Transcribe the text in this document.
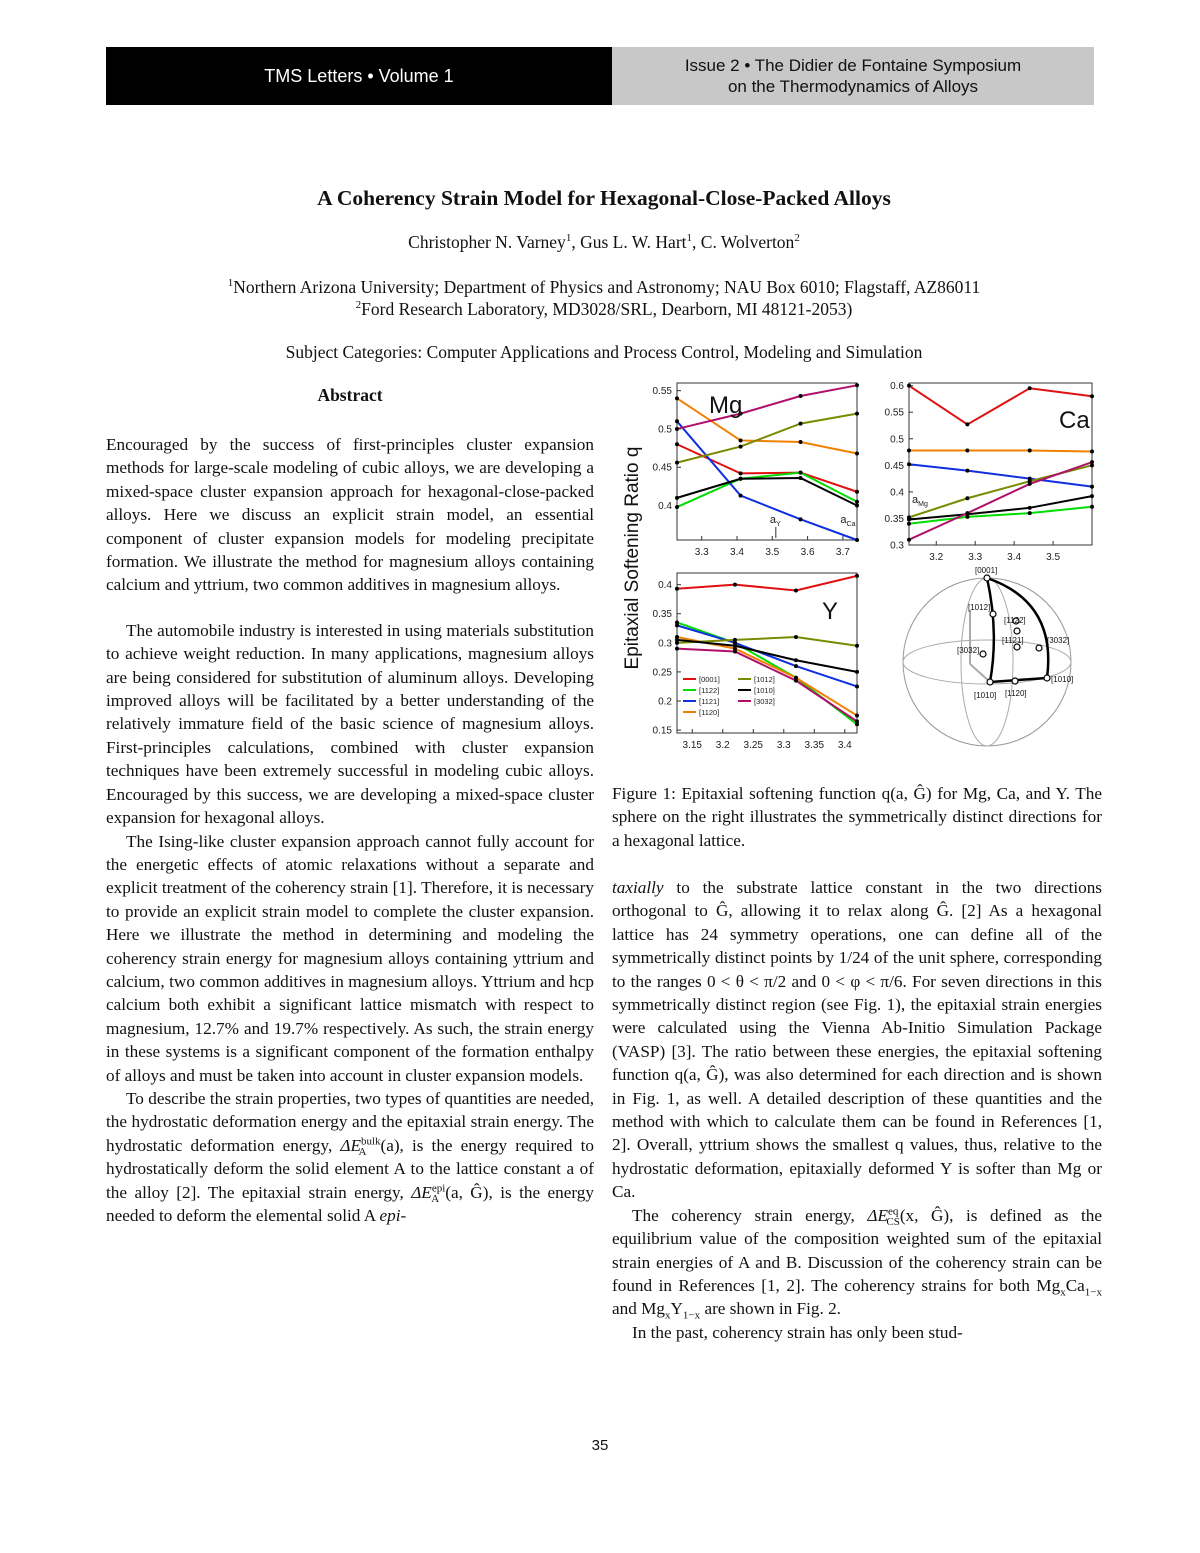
TMS Letters • Volume 1	Issue 2 • The Didier de Fontaine Symposium
on the Thermodynamics of Alloys
A Coherency Strain Model for Hexagonal-Close-Packed Alloys
Christopher N. Varney$^1$, Gus L. W. Hart$^1$, C. Wolverton$^2$
$^1$Northern Arizona University; Department of Physics and Astronomy; NAU Box 6010; Flagstaff, AZ86011
$^2$Ford Research Laboratory, MD3028/SRL, Dearborn, MI 48121-2053)
Subject Categories: Computer Applications and Process Control, Modeling and Simulation
Abstract

Encouraged by the success of first-principles cluster expansion methods for large-scale modeling of cubic alloys, we are developing a mixed-space cluster expansion approach for hexagonal-close-packed alloys. Here we discuss an explicit strain model, an essential component of cluster expansion models for modeling precipitate formation. We illustrate the method for magnesium alloys containing calcium and yttrium, two common additives in magnesium alloys.

The automobile industry is interested in using materials substitution to achieve weight reduction. In many applications, magnesium alloys are being considered for substitution of aluminum alloys. Developing improved alloys will be facilitated by a better understanding of the relatively immature field of the basic science of magnesium alloys. First-principles calculations, combined with cluster expansion techniques have been extremely successful in modeling cubic alloys. Encouraged by this success, we are developing a mixed-space cluster expansion for hexagonal alloys.

The Ising-like cluster expansion approach cannot fully account for the energetic effects of atomic relaxations without a separate and explicit treatment of the coherency strain [1]. Therefore, it is necessary to provide an explicit strain model to complete the cluster expansion. Here we illustrate the method in determining and modeling the coherency strain energy for magnesium alloys containing yttrium and calcium, two common additives in magnesium alloys. Yttrium and hcp calcium both exhibit a significant lattice mismatch with respect to magnesium, 12.7% and 19.7% respectively. As such, the strain energy in these systems is a significant component of the formation enthalpy of alloys and must be taken into account in cluster expansion models.

To describe the strain properties, two types of quantities are needed, the hydrostatic deformation energy and the epitaxial strain energy. The hydrostatic deformation energy, $\Delta E^{bulk}_A$ (a), is the energy required to hydrostatically deform the solid element A to the lattice constant a of the alloy [2]. The epitaxial strain energy, $\Delta E^{epi}_A$ (a, Ĝ), is the energy needed to deform the elemental solid A epi-

0.4
0.45
0.5
0.55
3.3 3.4 3.5 3.6 3.7
Mg
$a_Y$	$a_{Ca}$
Epitaxial Softening Ratio q	0.3
0.35
0.4
0.45
0.5
0.55
0.6
3.2	3.3	3.4	3.5
Ca
$a_{Mg}$
0.15
0.2
0.25
0.3
0.35
0.4
3.15 3.2 3.25 3.3 3.35 3.4
Y
[0001]
[1122]
[1121]
[1120]
[1012]
[1010]
[3032]
[0001]
[1012]
[1122]
[1121]
[3032]
[3032]
[1010] [1120]
[1010]
Figure 1: Epitaxial softening function q(a, Ĝ) for Mg, Ca, and Y. The sphere on the right illustrates the symmetrically distinct directions for a hexagonal lattice.

taxially to the substrate lattice constant in the two directions orthogonal to Ĝ, allowing it to relax along Ĝ. [2] As a hexagonal lattice has 24 symmetry operations, one can define all of the symmetrically distinct points by 1/24 of the unit sphere, corresponding to the ranges 0 < θ < π/2 and 0 < φ < π/6. For seven directions in this symmetrically distinct region (see Fig. 1), the epitaxial strain energies were calculated using the Vienna Ab-Initio Simulation Package (VASP) [3]. The ratio between these energies, the epitaxial softening function q(a, Ĝ), was also determined for each direction and is shown in Fig. 1, as well. A detailed description of these quantities and the method with which to calculate them can be found in References [1, 2]. Overall, yttrium shows the smallest q values, thus, relative to the hydrostatic deformation, epitaxially deformed Y is softer than Mg or Ca.

The coherency strain energy, $\Delta E^{eq}_{CS}(x$, Ĝ), is defined as the equilibrium value of the composition weighted sum of the epitaxial strain energies of A and B. Discussion of the coherency strain can be found in References [1, 2]. The coherency strains for both $Mg_xCa_{1-x}$ and $Mg_xY_{1-x}$ are shown in Fig. 2.

In the past, coherency strain has only been stud-

35
